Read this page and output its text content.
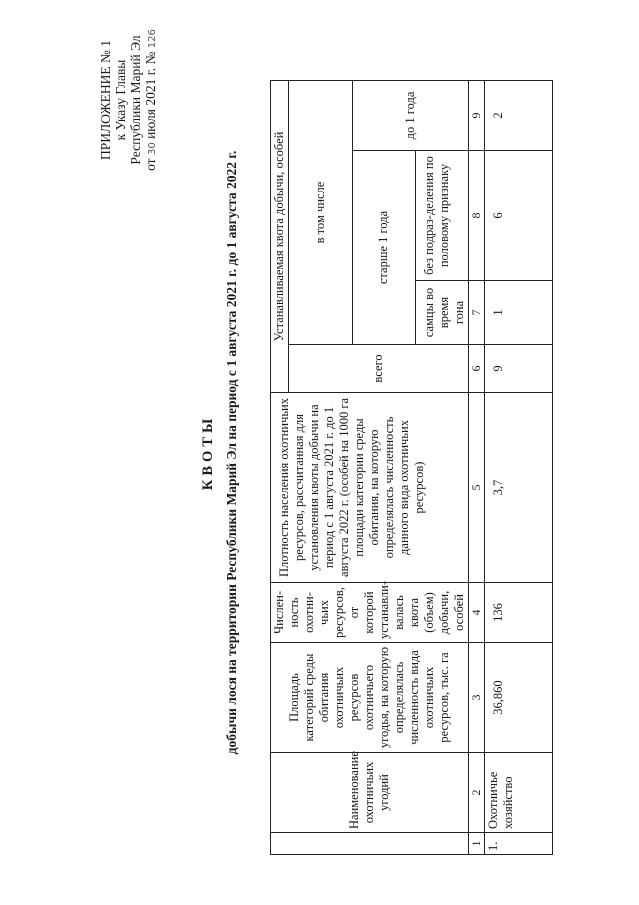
ПРИЛОЖЕНИЕ № 1 к Указу Главы Республики Марий Эл
от 30 июля 2021 г. № 126
КВОТЫ добычи лося на территории Республики Марий Эл на период с 1 августа 2021 г. до 1 августа 2022 г.
	Наименование охотничьих угодий	Площадь категорий среды обитания охотничьих ресурсов охотничьего угодья, на которую определялась численность вида охотничьих ресурсов, тыс. га	Числен-ность охотни-чьих ресурсов, от которой устанавли-валась квота (объем) добычи, особей	Плотность населения охотничьих ресурсов, рассчитанная для установления квоты добычи на период с 1 августа 2021 г. до 1 августа 2022 г. (особей на 1000 га площади категории среды обитания, на которую определялась численность данного вида охотничьих ресурсов)	Устанавливаемая квота добычи, особей			
					всего	в том числе		
						старше 1 года		до 1 года
						самцы во время гона	без подраз-деления по половому признаку	
1	2	3	4	5	6	7	8	9
1.	Охотничье хозяйство	36,860	136	3,7	9	1	6	2
